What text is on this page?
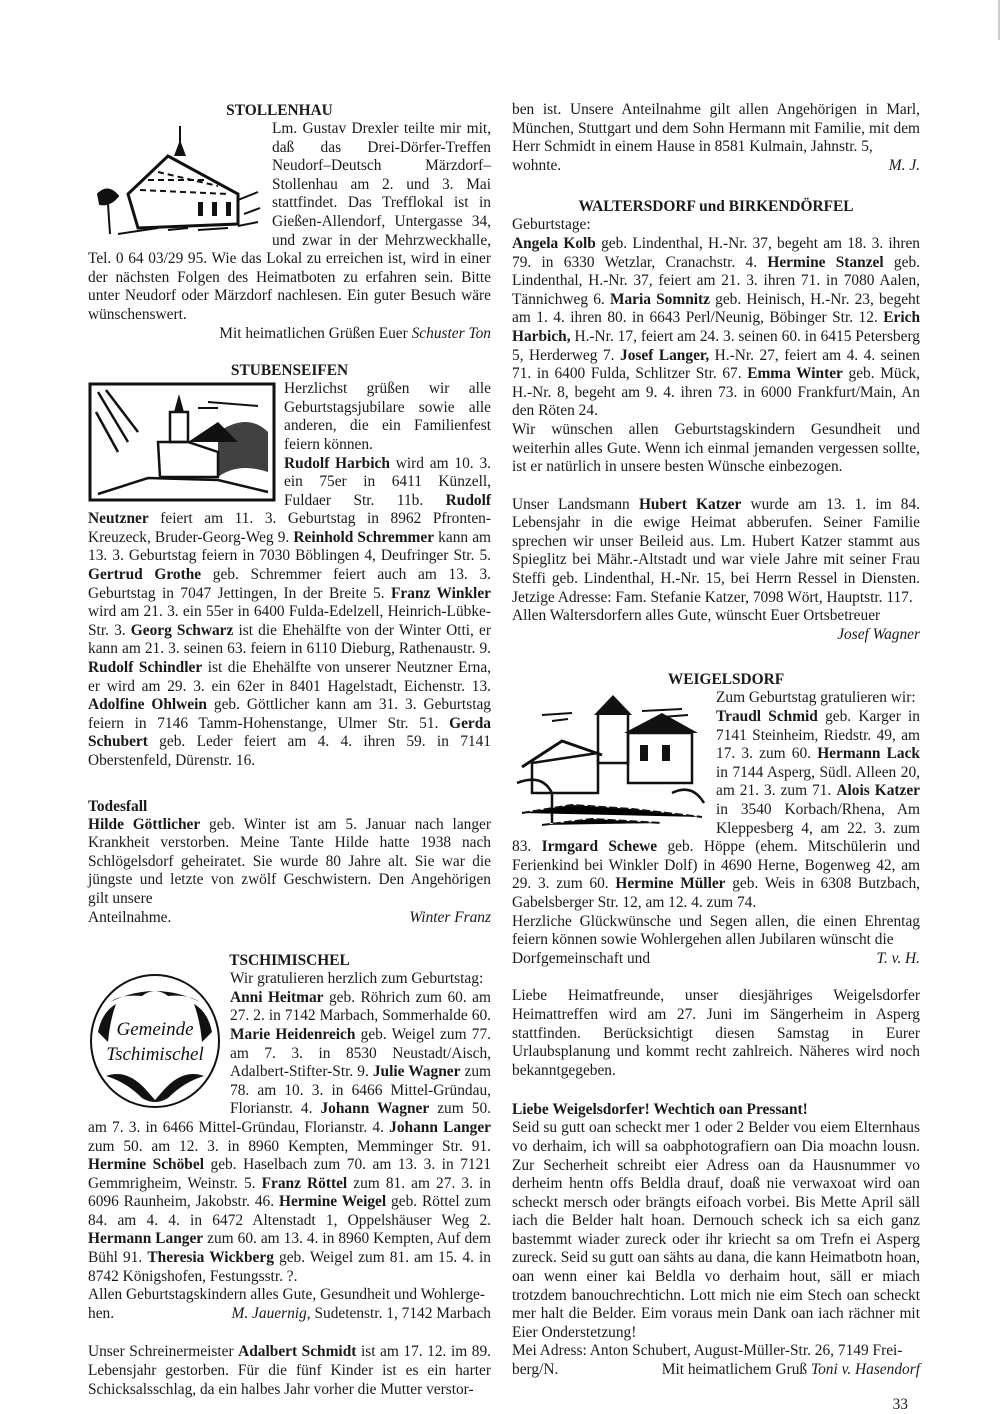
STOLLENHAU

Lm. Gustav Drexler teilte mir mit, daß das Drei-Dörfer-Treffen Neudorf–Deutsch Märzdorf–Stollenhau am 2. und 3. Mai stattfindet. Das Trefflokal ist in Gießen-Allendorf, Untergasse 34, und zwar in der Mehrzweckhalle, Tel. 0 64 03/29 95. Wie das Lokal zu erreichen ist, wird in einer der nächsten Folgen des Heimatboten zu erfahren sein. Bitte unter Neudorf oder Märzdorf nachlesen. Ein guter Besuch wäre wünschenswert.

Mit heimatlichen Grüßen Euer Schuster Ton

STUBENSEIFEN

Herzlichst grüßen wir alle Geburtstagsjubilare sowie alle anderen, die ein Familienfest feiern können.

Rudolf Harbich wird am 10. 3. ein 75er in 6411 Künzell, Fuldaer Str. 11b. Rudolf Neutzner feiert am 11. 3. Geburtstag in 8962 Pfronten-Kreuzeck, Bruder-Georg-Weg 9. Reinhold Schremmer kann am 13. 3. Geburtstag feiern in 7030 Böblingen 4, Deufringer Str. 5. Gertrud Grothe geb. Schremmer feiert auch am 13. 3. Geburtstag in 7047 Jettingen, In der Breite 5. Franz Winkler wird am 21. 3. ein 55er in 6400 Fulda-Edelzell, Heinrich-Lübke-Str. 3. Georg Schwarz ist die Ehehälfte von der Winter Otti, er kann am 21. 3. seinen 63. feiern in 6110 Dieburg, Rathenaustr. 9. Rudolf Schindler ist die Ehehälfte von unserer Neutzner Erna, er wird am 29. 3. ein 62er in 8401 Hagelstadt, Eichenstr. 13. Adolfine Ohlwein geb. Göttlicher kann am 31. 3. Geburtstag feiern in 7146 Tamm-Hohenstange, Ulmer Str. 51. Gerda Schubert geb. Leder feiert am 4. 4. ihren 59. in 7141 Oberstenfeld, Dürenstr. 16.

Todesfall

Hilde Göttlicher geb. Winter ist am 5. Januar nach langer Krankheit verstorben. Meine Tante Hilde hatte 1938 nach Schlögelsdorf geheiratet. Sie wurde 80 Jahre alt. Sie war die jüngste und letzte von zwölf Geschwistern. Den Angehörigen gilt unsere

Anteilnahme.	Winter Franz
TSCHIMISCHEL
Gemeinde
Tschimischel

Wir gratulieren herzlich zum Geburtstag:

Anni Heitmar geb. Röhrich zum 60. am 27. 2. in 7142 Marbach, Sommerhalde 60. Marie Heidenreich geb. Weigel zum 77. am 7. 3. in 8530 Neustadt/Aisch, Adalbert-Stifter-Str. 9. Julie Wagner zum 78. am 10. 3. in 6466 Mittel-Gründau, Florianstr. 4. Johann Wagner zum 50. am 7. 3. in 6466 Mittel-Gründau, Florianstr. 4. Johann Langer zum 50. am 12. 3. in 8960 Kempten, Memminger Str. 91. Hermine Schöbel geb. Haselbach zum 70. am 13. 3. in 7121 Gemmrigheim, Weinstr. 5. Franz Röttel zum 81. am 27. 3. in 6096 Raunheim, Jakobstr. 46. Hermine Weigel geb. Röttel zum 84. am 4. 4. in 6472 Altenstadt 1, Oppelshäuser Weg 2. Hermann Langer zum 60. am 13. 4. in 8960 Kempten, Auf dem Bühl 91. Theresia Wickberg geb. Weigel zum 81. am 15. 4. in 8742 Königshofen, Festungsstr. ?.

Allen Geburtstagskindern alles Gute, Gesundheit und Wohlerge-

hen.	M. Jauernig, Sudetenstr. 1, 7142 Marbach

Unser Schreinermeister Adalbert Schmidt ist am 17. 12. im 89. Lebensjahr gestorben. Für die fünf Kinder ist es ein harter Schicksalsschlag, da ein halbes Jahr vorher die Mutter verstor-

ben ist. Unsere Anteilnahme gilt allen Angehörigen in Marl, München, Stuttgart und dem Sohn Hermann mit Familie, mit dem Herr Schmidt in einem Hause in 8581 Kulmain, Jahnstr. 5,

wohnte.	M. J.
WALTERSDORF und BIRKENDÖRFEL
Geburtstage:

Angela Kolb geb. Lindenthal, H.-Nr. 37, begeht am 18. 3. ihren 79. in 6330 Wetzlar, Cranachstr. 4. Hermine Stanzel geb. Lindenthal, H.-Nr. 37, feiert am 21. 3. ihren 71. in 7080 Aalen, Tännichweg 6. Maria Somnitz geb. Heinisch, H.-Nr. 23, begeht am 1. 4. ihren 80. in 6643 Perl/Neunig, Böbinger Str. 12. Erich Harbich, H.-Nr. 17, feiert am 24. 3. seinen 60. in 6415 Petersberg 5, Herderweg 7. Josef Langer, H.-Nr. 27, feiert am 4. 4. seinen 71. in 6400 Fulda, Schlitzer Str. 67. Emma Winter geb. Mück, H.-Nr. 8, begeht am 9. 4. ihren 73. in 6000 Frankfurt/Main, An den Röten 24.

Wir wünschen allen Geburtstagskindern Gesundheit und weiterhin alles Gute. Wenn ich einmal jemanden vergessen sollte, ist er natürlich in unsere besten Wünsche einbezogen.

Unser Landsmann Hubert Katzer wurde am 13. 1. im 84. Lebensjahr in die ewige Heimat abberufen. Seiner Familie sprechen wir unser Beileid aus. Lm. Hubert Katzer stammt aus Spieglitz bei Mähr.-Altstadt und war viele Jahre mit seiner Frau Steffi geb. Lindenthal, H.-Nr. 15, bei Herrn Ressel in Diensten. Jetzige Adresse: Fam. Stefanie Katzer, 7098 Wört, Hauptstr. 117.

Allen Waltersdorfern alles Gute, wünscht Euer Ortsbetreuer
Josef Wagner
WEIGELSDORF

Zum Geburtstag gratulieren wir:

Traudl Schmid geb. Karger in 7141 Steinheim, Riedstr. 49, am 17. 3. zum 60. Hermann Lack in 7144 Asperg, Südl. Alleen 20, am 21. 3. zum 71. Alois Katzer in 3540 Korbach/Rhena, Am Kleppesberg 4, am 22. 3. zum 83. Irmgard Schewe geb. Höppe (ehem. Mitschülerin und Ferienkind bei Winkler Dolf) in 4690 Herne, Bogenweg 42, am 29. 3. zum 60. Hermine Müller geb. Weis in 6308 Butzbach, Gabelsberger Str. 12, am 12. 4. zum 74.

Herzliche Glückwünsche und Segen allen, die einen Ehrentag feiern können sowie Wohlergehen allen Jubilaren wünscht die

Dorfgemeinschaft und	T. v. H.

Liebe Heimatfreunde, unser diesjähriges Weigelsdorfer Heimattreffen wird am 27. Juni im Sängerheim in Asperg stattfinden. Berücksichtigt diesen Samstag in Eurer Urlaubsplanung und kommt recht zahlreich. Näheres wird noch bekanntgegeben.

Liebe Weigelsdorfer! Wechtich oan Pressant!

Seid su gutt oan scheckt mer 1 oder 2 Belder vou eiem Elternhaus vo derhaim, ich will sa oabphotografiern oan Dia moachn lousn. Zur Secherheit schreibt eier Adress oan da Hausnummer vo derheim hentn offs Beldla drauf, doaß nie verwaxoat wird oan scheckt mersch oder brängts eifoach vorbei. Bis Mette April säll iach die Belder halt hoan. Dernouch scheck ich sa eich ganz bastemmt wiader zureck oder ihr kriecht sa om Trefn ei Asperg zureck. Seid su gutt oan sähts au dana, die kann Heimatbotn hoan, oan wenn einer kai Beldla vo derhaim hout, säll er miach trotzdem banouchrechtichn. Lott mich nie eim Stech oan scheckt mer halt die Belder. Eim voraus mein Dank oan iach rächner mit Eier Onderstetzung!

Mei Adress: Anton Schubert, August-Müller-Str. 26, 7149 Frei-

berg/N.	Mit heimatlichem Gruß Toni v. Hasendorf
33
